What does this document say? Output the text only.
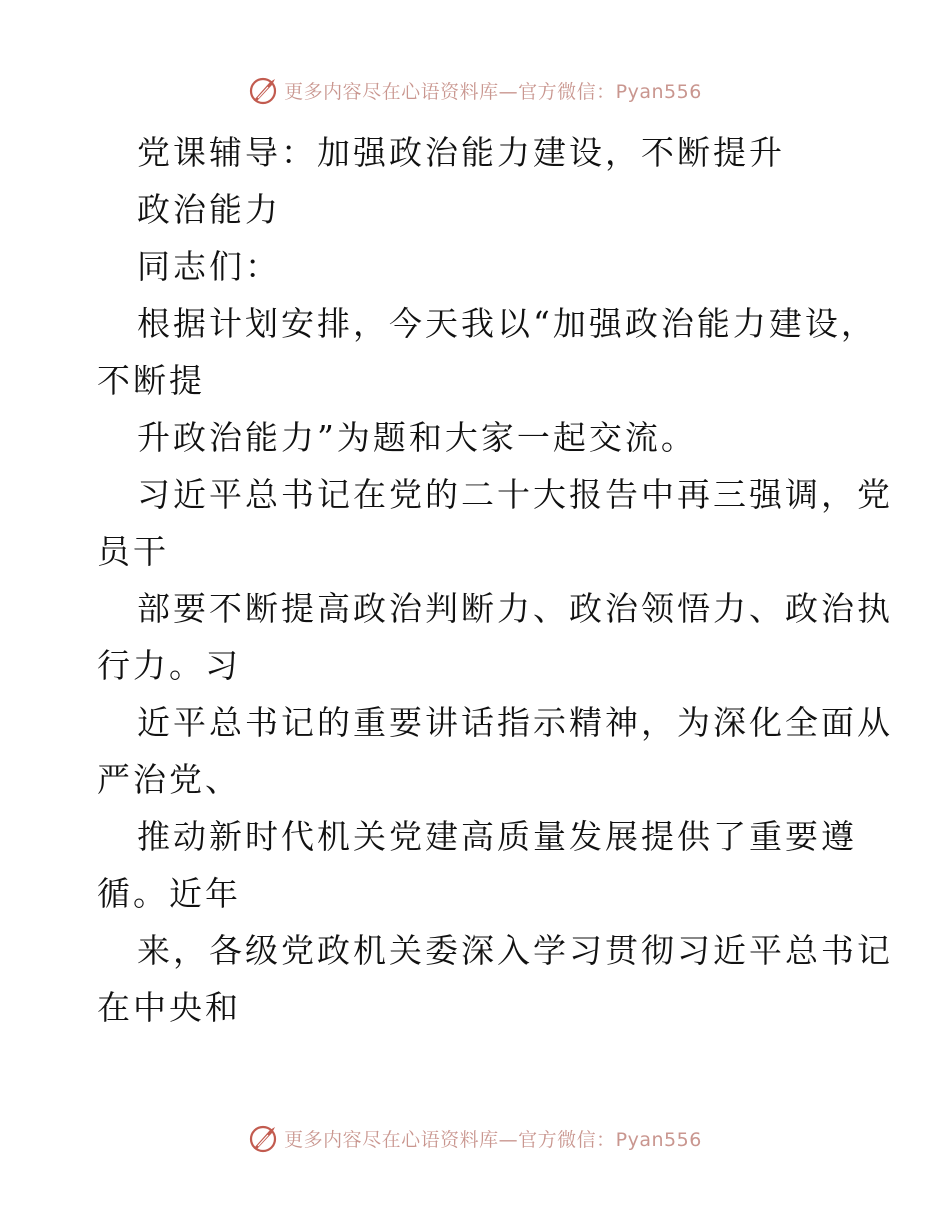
更多内容尽在心语资料库—官方微信：Pyan556
党课辅导：加强政治能力建设，不断提升
政治能力
同志们：
根据计划安排，今天我以“加强政治能力建设，
不断提
升政治能力”为题和大家一起交流。
习近平总书记在党的二十大报告中再三强调，党
员干
部要不断提高政治判断力、政治领悟力、政治执
行力。习
近平总书记的重要讲话指示精神，为深化全面从
严治党、
推动新时代机关党建高质量发展提供了重要遵
循。近年
来，各级党政机关委深入学习贯彻习近平总书记
在中央和
更多内容尽在心语资料库—官方微信：Pyan556
